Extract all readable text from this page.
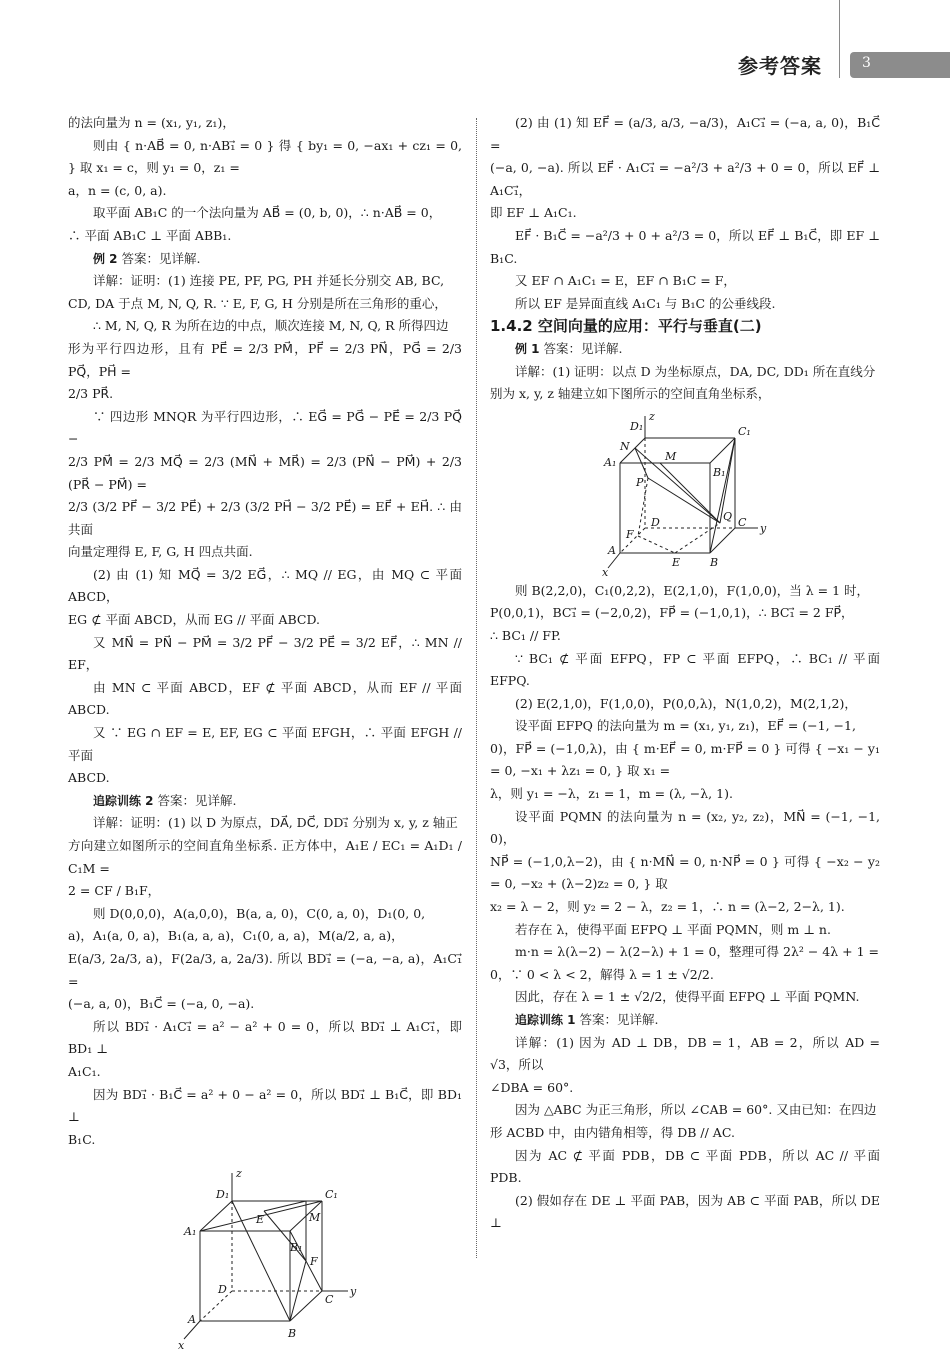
参考答案	3

的法向量为 n = (x₁, y₁, z₁)，

则由 { n·AB⃗ = 0, n·AB₁⃗ = 0 } 得 { by₁ = 0, −ax₁ + cz₁ = 0, } 取 x₁ = c，则 y₁ = 0，z₁ =

a，n = (c, 0, a).

取平面 AB₁C 的一个法向量为 AB⃗ = (0, b, 0)，∴ n·AB⃗ = 0，

∴ 平面 AB₁C ⊥ 平面 ABB₁.

例 2 答案：见详解.

详解：证明：(1) 连接 PE, PF, PG, PH 并延长分别交 AB, BC,

CD, DA 于点 M, N, Q, R. ∵ E, F, G, H 分别是所在三角形的重心，

∴ M, N, Q, R 为所在边的中点，顺次连接 M, N, Q, R 所得四边

形为平行四边形，且有 PE⃗ = 2/3 PM⃗，PF⃗ = 2/3 PN⃗，PG⃗ = 2/3 PQ⃗，PH⃗ =

2/3 PR⃗.

∵ 四边形 MNQR 为平行四边形，∴ EG⃗ = PG⃗ − PE⃗ = 2/3 PQ⃗ −

2/3 PM⃗ = 2/3 MQ⃗ = 2/3 (MN⃗ + MR⃗) = 2/3 (PN⃗ − PM⃗) + 2/3 (PR⃗ − PM⃗) =

2/3 (3/2 PF⃗ − 3/2 PE⃗) + 2/3 (3/2 PH⃗ − 3/2 PE⃗) = EF⃗ + EH⃗. ∴ 由共面

向量定理得 E, F, G, H 四点共面.

(2) 由 (1) 知 MQ⃗ = 3/2 EG⃗，∴ MQ // EG，由 MQ ⊂ 平面 ABCD，

EG ⊄ 平面 ABCD，从而 EG // 平面 ABCD.

又 MN⃗ = PN⃗ − PM⃗ = 3/2 PF⃗ − 3/2 PE⃗ = 3/2 EF⃗，∴ MN // EF，

由 MN ⊂ 平面 ABCD，EF ⊄ 平面 ABCD，从而 EF // 平面 ABCD.

又 ∵ EG ∩ EF = E, EF, EG ⊂ 平面 EFGH，∴ 平面 EFGH // 平面

ABCD.

追踪训练 2 答案：见详解.

详解：证明：(1) 以 D 为原点，DA⃗, DC⃗, DD₁⃗ 分别为 x, y, z 轴正

方向建立如图所示的空间直角坐标系. 正方体中，A₁E / EC₁ = A₁D₁ / C₁M =

2 = CF / B₁F，

则 D(0,0,0)，A(a,0,0)，B(a, a, 0)，C(0, a, 0)，D₁(0, 0,

a)，A₁(a, 0, a)，B₁(a, a, a)，C₁(0, a, a)，M(a/2, a, a)，

E(a/3, 2a/3, a)，F(2a/3, a, 2a/3). 所以 BD₁⃗ = (−a, −a, a)，A₁C₁⃗ =

(−a, a, 0)，B₁C⃗ = (−a, 0, −a).

所以 BD₁⃗ · A₁C₁⃗ = a² − a² + 0 = 0，所以 BD₁⃗ ⊥ A₁C₁⃗，即 BD₁ ⊥

A₁C₁.

因为 BD₁⃗ · B₁C⃗ = a² + 0 − a² = 0，所以 BD₁⃗ ⊥ B₁C⃗，即 BD₁ ⊥

B₁C.

D₁
z
C₁
E	M
A₁
B₁
F
D
C
y
A
B
x

(2) 由 (1) 知 EF⃗ = (a/3, a/3, −a/3)，A₁C₁⃗ = (−a, a, 0)，B₁C⃗ =

(−a, 0, −a). 所以 EF⃗ · A₁C₁⃗ = −a²/3 + a²/3 + 0 = 0，所以 EF⃗ ⊥ A₁C₁⃗，

即 EF ⊥ A₁C₁.

EF⃗ · B₁C⃗ = −a²/3 + 0 + a²/3 = 0，所以 EF⃗ ⊥ B₁C⃗，即 EF ⊥ B₁C.

又 EF ∩ A₁C₁ = E，EF ∩ B₁C = F，

所以 EF 是异面直线 A₁C₁ 与 B₁C 的公垂线段.

1.4.2 空间向量的应用：平行与垂直(二)

例 1 答案：见详解.

详解：(1) 证明：以点 D 为坐标原点，DA, DC, DD₁ 所在直线分

别为 x, y, z 轴建立如下图所示的空间直角坐标系，

D₁
z
C₁
N
M
A₁
B₁
P
D	Q C y
F
A
E	B
x

则 B(2,2,0)，C₁(0,2,2)，E(2,1,0)，F(1,0,0)，当 λ = 1 时，

P(0,0,1)，BC₁⃗ = (−2,0,2)，FP⃗ = (−1,0,1)，∴ BC₁⃗ = 2 FP⃗，

∴ BC₁ // FP.

∵ BC₁ ⊄ 平面 EFPQ，FP ⊂ 平面 EFPQ，∴ BC₁ // 平面 EFPQ.

(2) E(2,1,0)，F(1,0,0)，P(0,0,λ)，N(1,0,2)，M(2,1,2)，

设平面 EFPQ 的法向量为 m = (x₁, y₁, z₁)，EF⃗ = (−1, −1,

0)，FP⃗ = (−1,0,λ)，由 { m·EF⃗ = 0, m·FP⃗ = 0 } 可得 { −x₁ − y₁ = 0, −x₁ + λz₁ = 0, } 取 x₁ =

λ，则 y₁ = −λ，z₁ = 1，m = (λ, −λ, 1).

设平面 PQMN 的法向量为 n = (x₂, y₂, z₂)，MN⃗ = (−1, −1, 0)，

NP⃗ = (−1,0,λ−2)，由 { n·MN⃗ = 0, n·NP⃗ = 0 } 可得 { −x₂ − y₂ = 0, −x₂ + (λ−2)z₂ = 0, } 取

x₂ = λ − 2，则 y₂ = 2 − λ，z₂ = 1，∴ n = (λ−2, 2−λ, 1).

若存在 λ，使得平面 EFPQ ⊥ 平面 PQMN，则 m ⊥ n.

m·n = λ(λ−2) − λ(2−λ) + 1 = 0，整理可得 2λ² − 4λ + 1 =

0，∵ 0 < λ < 2，解得 λ = 1 ± √2/2.

因此，存在 λ = 1 ± √2/2，使得平面 EFPQ ⊥ 平面 PQMN.

追踪训练 1 答案：见详解.

详解：(1) 因为 AD ⊥ DB，DB = 1，AB = 2，所以 AD = √3，所以

∠DBA = 60°.

因为 △ABC 为正三角形，所以 ∠CAB = 60°. 又由已知：在四边

形 ACBD 中，由内错角相等，得 DB // AC.

因为 AC ⊄ 平面 PDB，DB ⊂ 平面 PDB，所以 AC // 平面 PDB.

(2) 假如存在 DE ⊥ 平面 PAB，因为 AB ⊂ 平面 PAB，所以 DE ⊥
